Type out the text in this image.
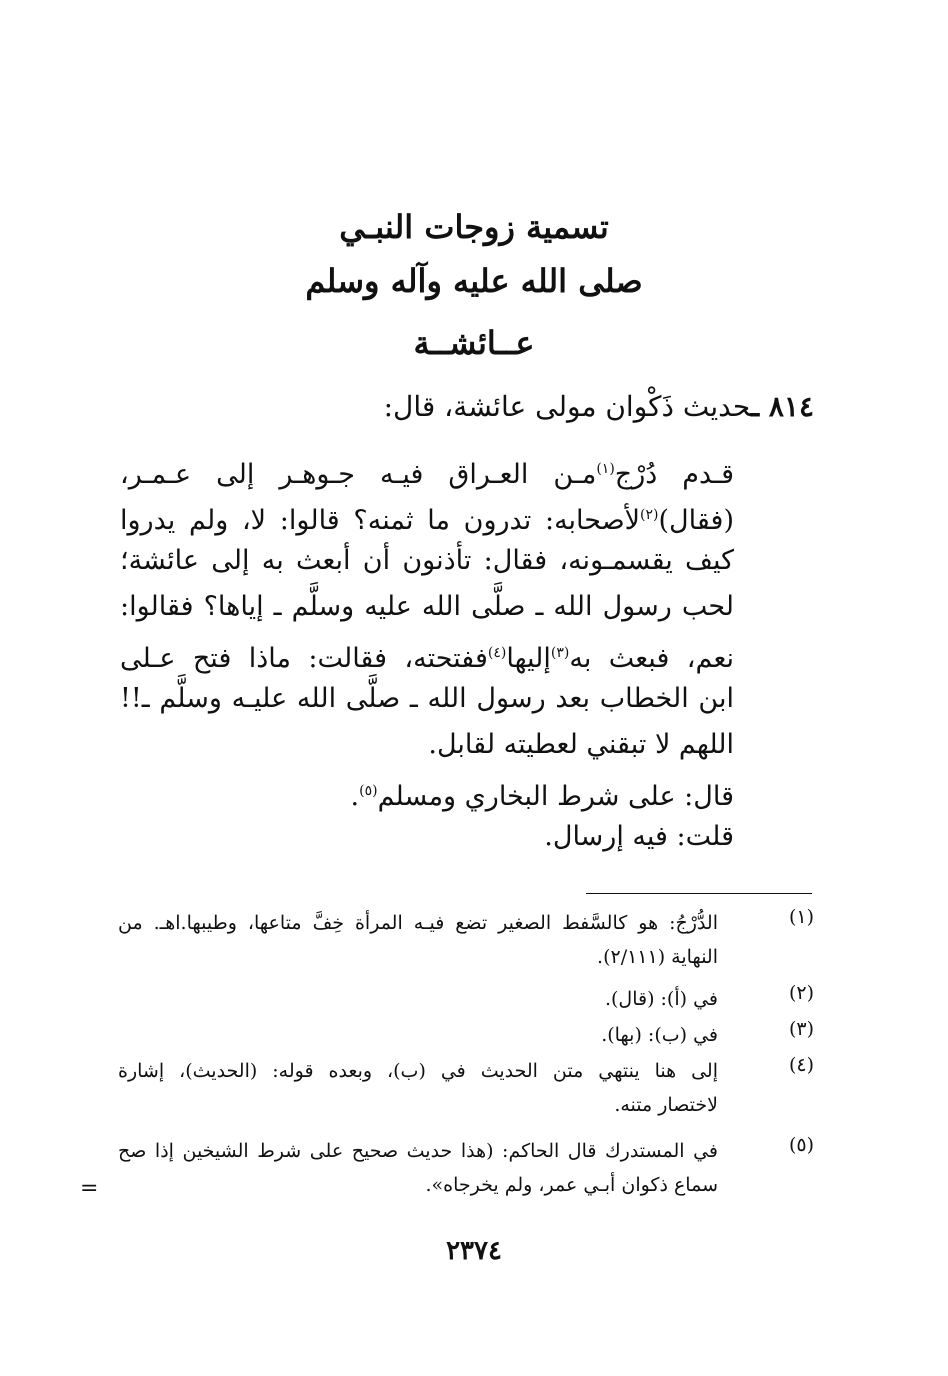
تسمية زوجات النبـي
صلى الله عليه وآله وسلم
عــائشــة
٨١٤ ـحديث ذَكْوان مولى عائشة، قال:
قـدم دُرْج$^{(١)}$مـن العـراق فيـه جـوهـر إلى عـمـر،
(فقال)$^{(٢)}$لأصحابه: تدرون ما ثمنه؟ قالوا: لا، ولم يدروا
كيف يقسمـونه، فقال: تأذنون أن أبعث به إلى عائشة؛
لحب رسول الله ـ صلَّى الله عليه وسلَّم ـ إياها؟ فقالوا:
نعم، فبعث به$^{(٣)}$إليها$^{(٤)}$ففتحته، فقالت: ماذا فتح عـلى
ابن الخطاب بعد رسول الله ـ صلَّى الله عليـه وسلَّم ـ!!
اللهم لا تبقني لعطيته لقابل.
قال: على شرط البخاري ومسلم$^{(٥)}$.
قلت: فيه إرسال.
(١)
الدُّرْجُ: هو كالسَّفط الصغير تضع فيـه المرأة خِفَّ متاعها، وطيبها.اهـ. من
النهاية (٢/١١١).
(٢)
في (أ): (قال).
(٣)
في (ب): (بها).
(٤)
إلى هنا ينتهي متن الحديث في (ب)، وبعده قوله: (الحديث)، إشارة
لاختصار متنه.
(٥)
في المستدرك قال الحاكم: (هذا حديث صحيح على شرط الشيخين إذا صح
سماع ذكوان أبـي عمر، ولم يخرجاه».
=
٢٣٧٤
